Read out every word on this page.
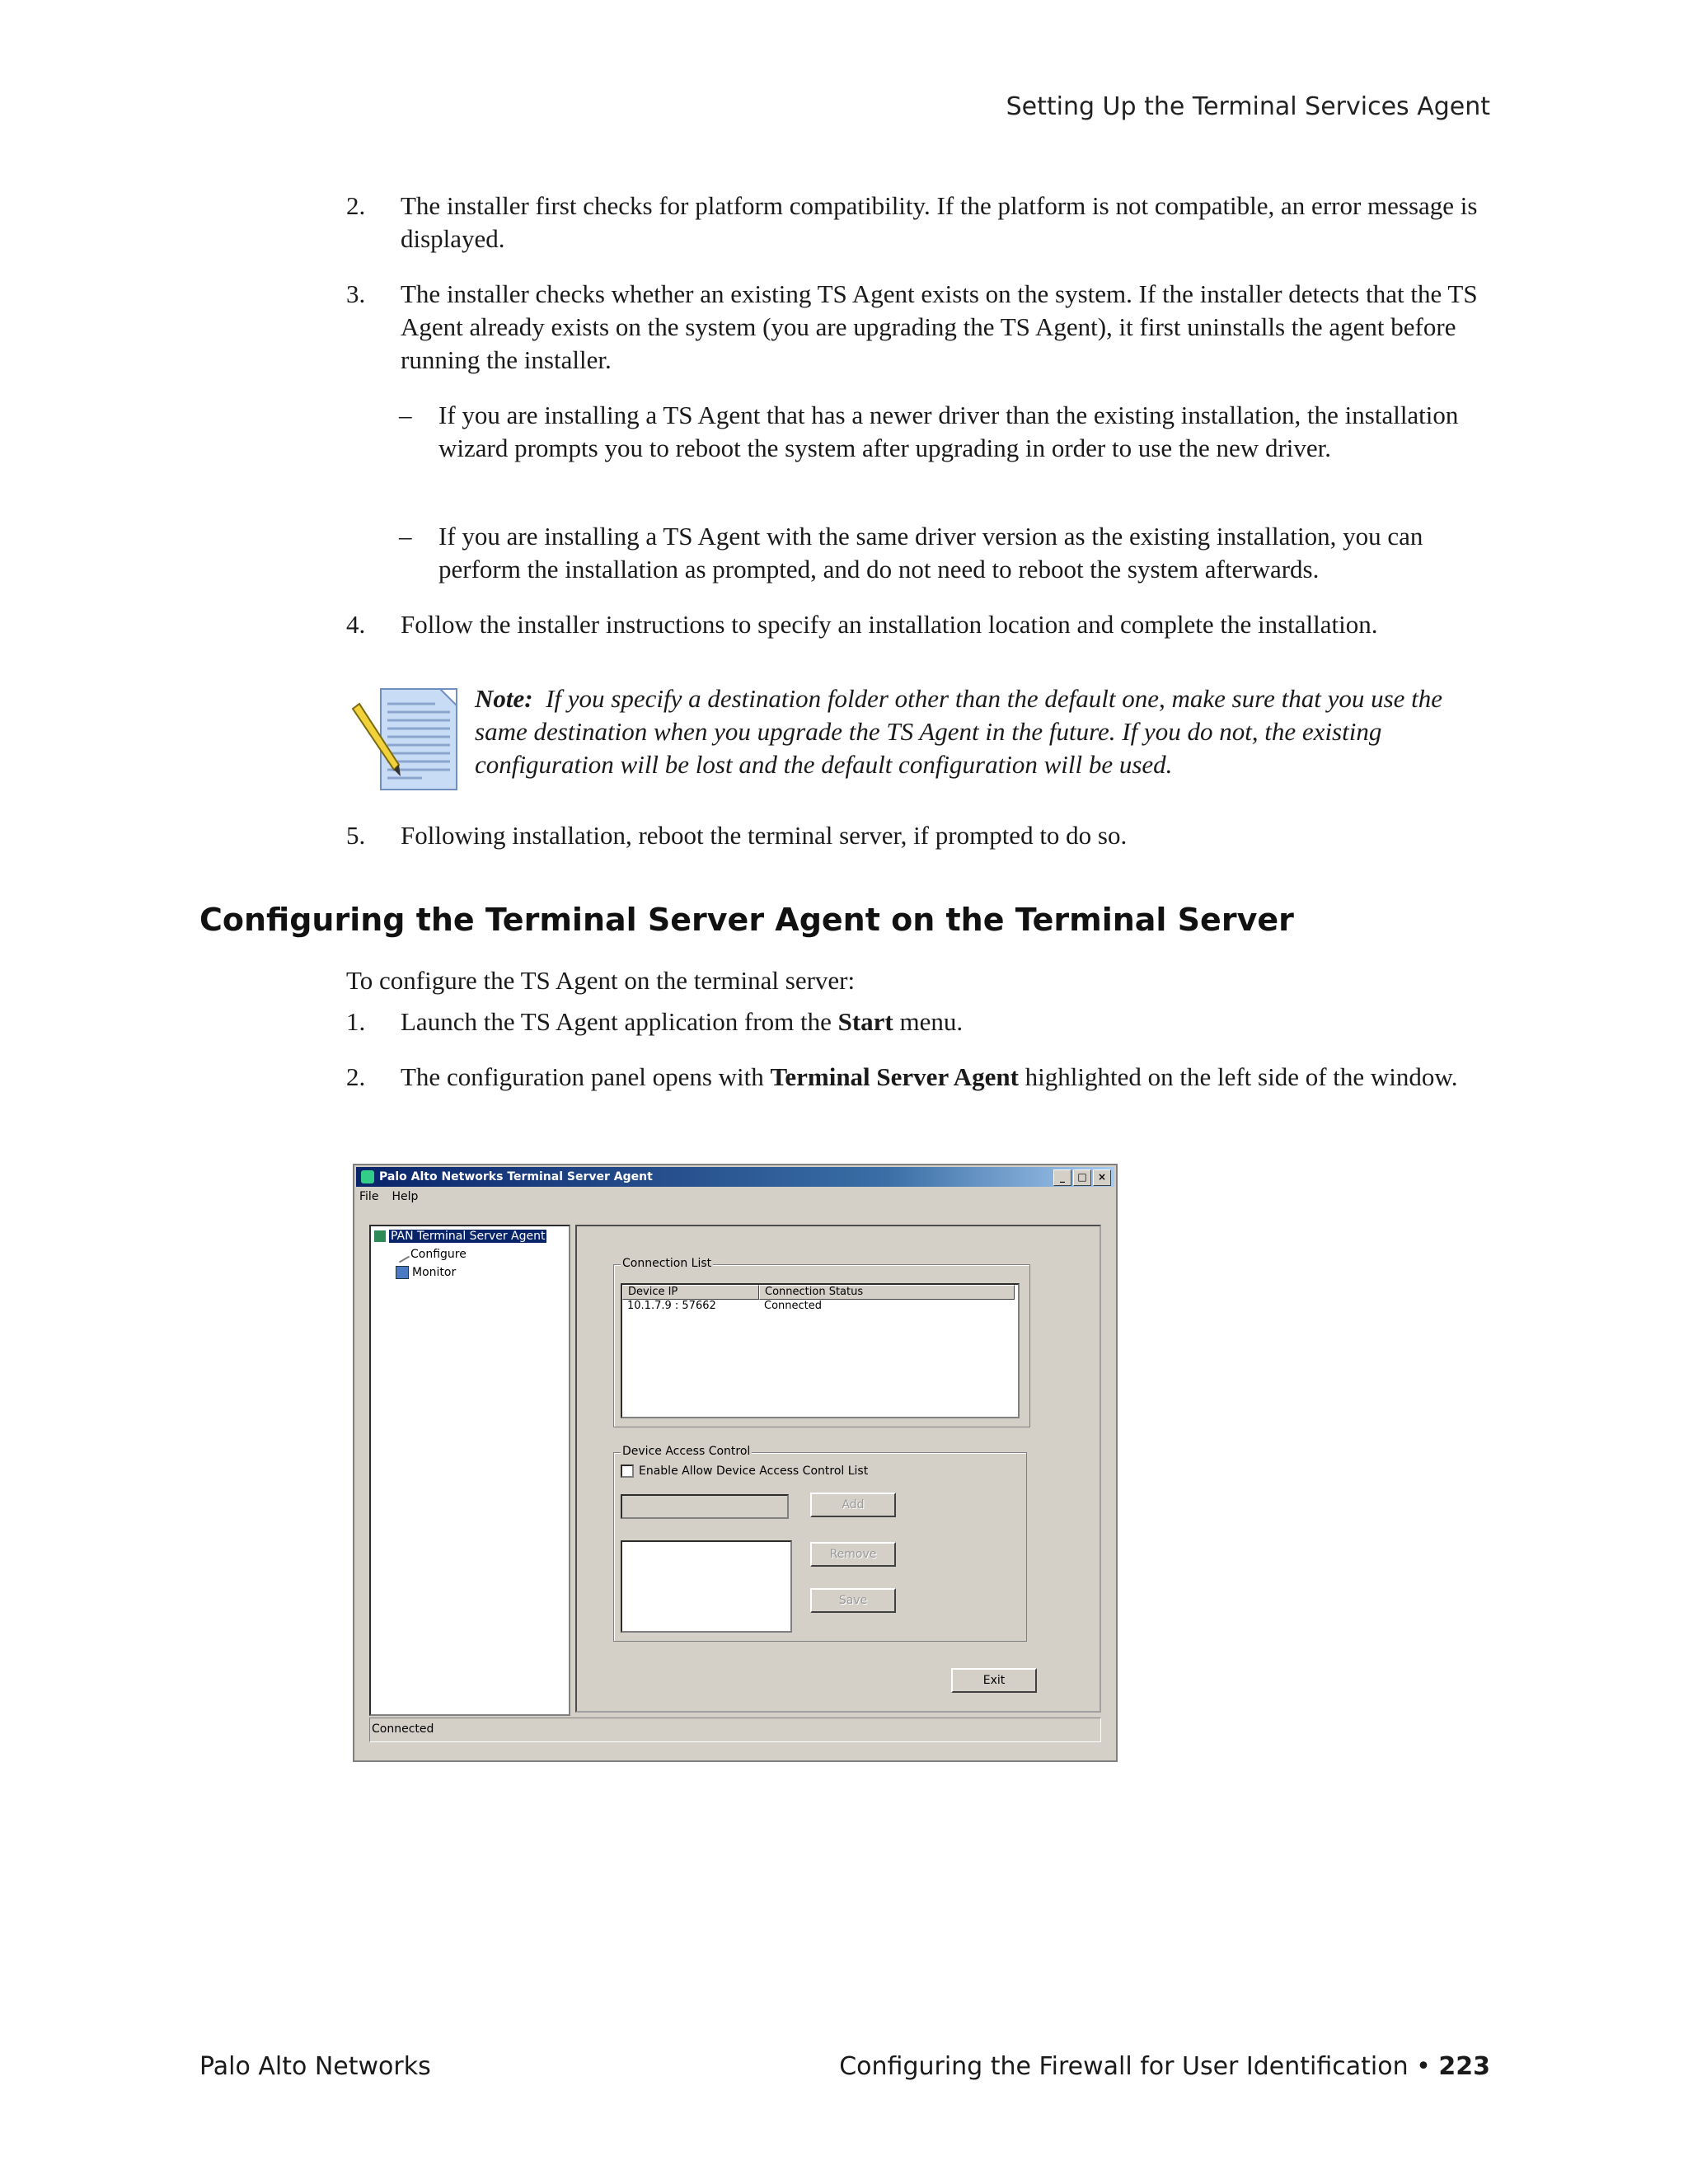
Setting Up the Terminal Services Agent
2. The installer first checks for platform compatibility. If the platform is not compatible, an error message is displayed.
3. The installer checks whether an existing TS Agent exists on the system. If the installer detects that the TS Agent already exists on the system (you are upgrading the TS Agent), it first uninstalls the agent before running the installer.
– If you are installing a TS Agent that has a newer driver than the existing installation, the installation wizard prompts you to reboot the system after upgrading in order to use the new driver.
– If you are installing a TS Agent with the same driver version as the existing installation, you can perform the installation as prompted, and do not need to reboot the system afterwards.
4. Follow the installer instructions to specify an installation location and complete the installation.
Note: If you specify a destination folder other than the default one, make sure that you use the same destination when you upgrade the TS Agent in the future. If you do not, the existing configuration will be lost and the default configuration will be used.
5. Following installation, reboot the terminal server, if prompted to do so.
Configuring the Terminal Server Agent on the Terminal Server
To configure the TS Agent on the terminal server:
1. Launch the TS Agent application from the Start menu.
2. The configuration panel opens with Terminal Server Agent highlighted on the left side of the window.
Palo Alto Networks Terminal Server Agent	_	□	×
File Help
PAN Terminal Server Agent
Configure
Monitor
Connection List
Device IP	Connection Status
10.1.7.9 : 57662	Connected
Device Access Control
Enable Allow Device Access Control List
Add
Remove
Save
Exit
Connected
Palo Alto Networks	Configuring the Firewall for User Identification • 223
